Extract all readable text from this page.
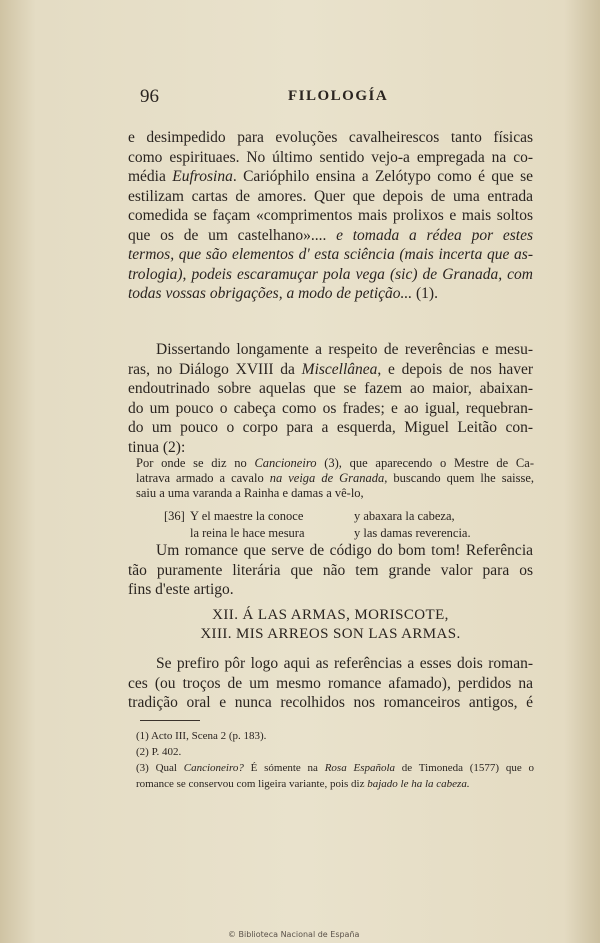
96	FILOLOGÍA
e desimpedido para evoluções cavalheirescos tanto físicas
como espirituaes. No último sentido vejo-a empregada na co-
média Eufrosina. Carióphilo ensina a Zelótypo como é que se
estilizam cartas de amores. Quer que depois de uma entrada
comedida se façam «comprimentos mais prolixos e mais soltos
que os de um castelhano».... e tomada a rédea por estes
termos, que são elementos d' esta sciência (mais incerta que as-
trologia), podeis escaramuçar pola vega (sic) de Granada, com
todas vossas obrigações, a modo de petição... (1).
Dissertando longamente a respeito de reverências e mesu-
ras, no Diálogo XVIII da Miscellânea, e depois de nos haver
endoutrinado sobre aquelas que se fazem ao maior, abaixan-
do um pouco o cabeça como os frades; e ao igual, requebran-
do um pouco o corpo para a esquerda, Miguel Leitão con-
tinua (2):
Por onde se diz no Cancioneiro (3), que aparecendo o Mestre de Ca-
latrava armado a cavalo na veiga de Granada, buscando quem lhe saisse,
saiu a uma varanda a Rainha e damas a vê-lo,
[36] Y el maestre la conoce	y abaxara la cabeza,
la reina le hace mesura	y las damas reverencia.
Um romance que serve de código do bom tom! Referência
tão puramente literária que não tem grande valor para os
fins d'este artigo.
XII. Á LAS ARMAS, MORISCOTE,
XIII. MIS ARREOS SON LAS ARMAS.
Se prefiro pôr logo aqui as referências a esses dois roman-
ces (ou troços de um mesmo romance afamado), perdidos na
tradição oral e nunca recolhidos nos romanceiros antigos, é
(1) Acto III, Scena 2 (p. 183).
(2) P. 402.
(3) Qual Cancioneiro? É sómente na Rosa Española de Timoneda (1577) que o
romance se conservou com ligeira variante, pois diz bajado le ha la cabeza.
© Biblioteca Nacional de España
